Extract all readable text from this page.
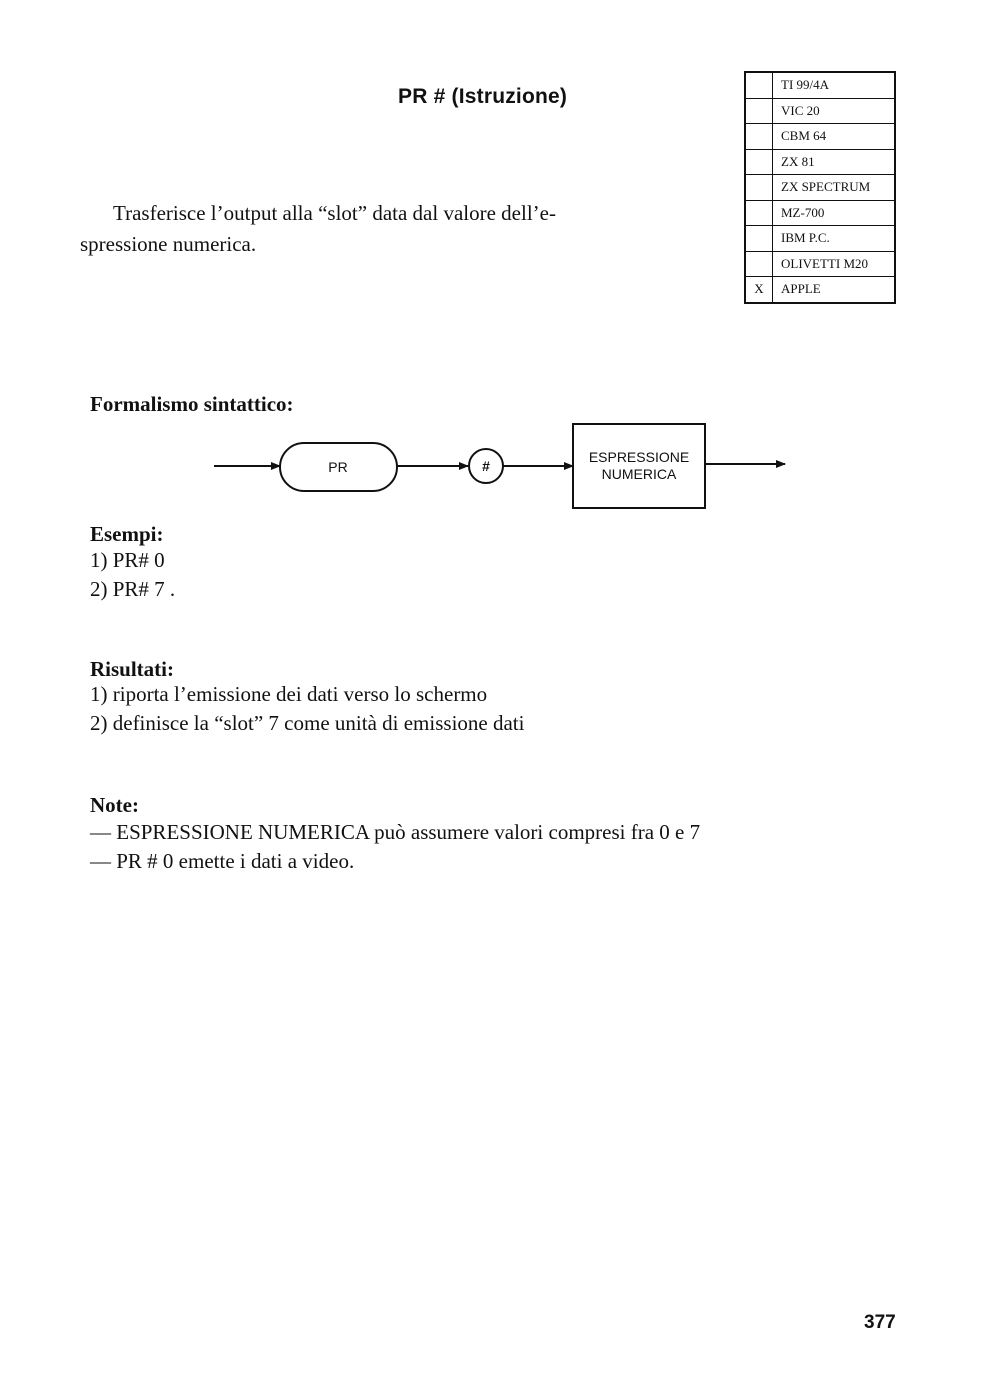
PR # (Istruzione)
	TI 99/4A
	VIC 20
	CBM 64
	ZX 81
	ZX SPECTRUM
	MZ-700
	IBM P.C.
	OLIVETTI M20
X	APPLE
Trasferisce l’output alla “slot” data dal valore dell’e-
spressione numerica.
Formalismo sintattico:
PR	#
ESPRESSIONE
NUMERICA
Esempi:
1) PR# 0
2) PR# 7 .
Risultati:
1) riporta l’emissione dei dati verso lo schermo
2) definisce la “slot” 7 come unità di emissione dati
Note:
— ESPRESSIONE NUMERICA può assumere valori compresi fra 0 e 7
— PR # 0 emette i dati a video.
377
